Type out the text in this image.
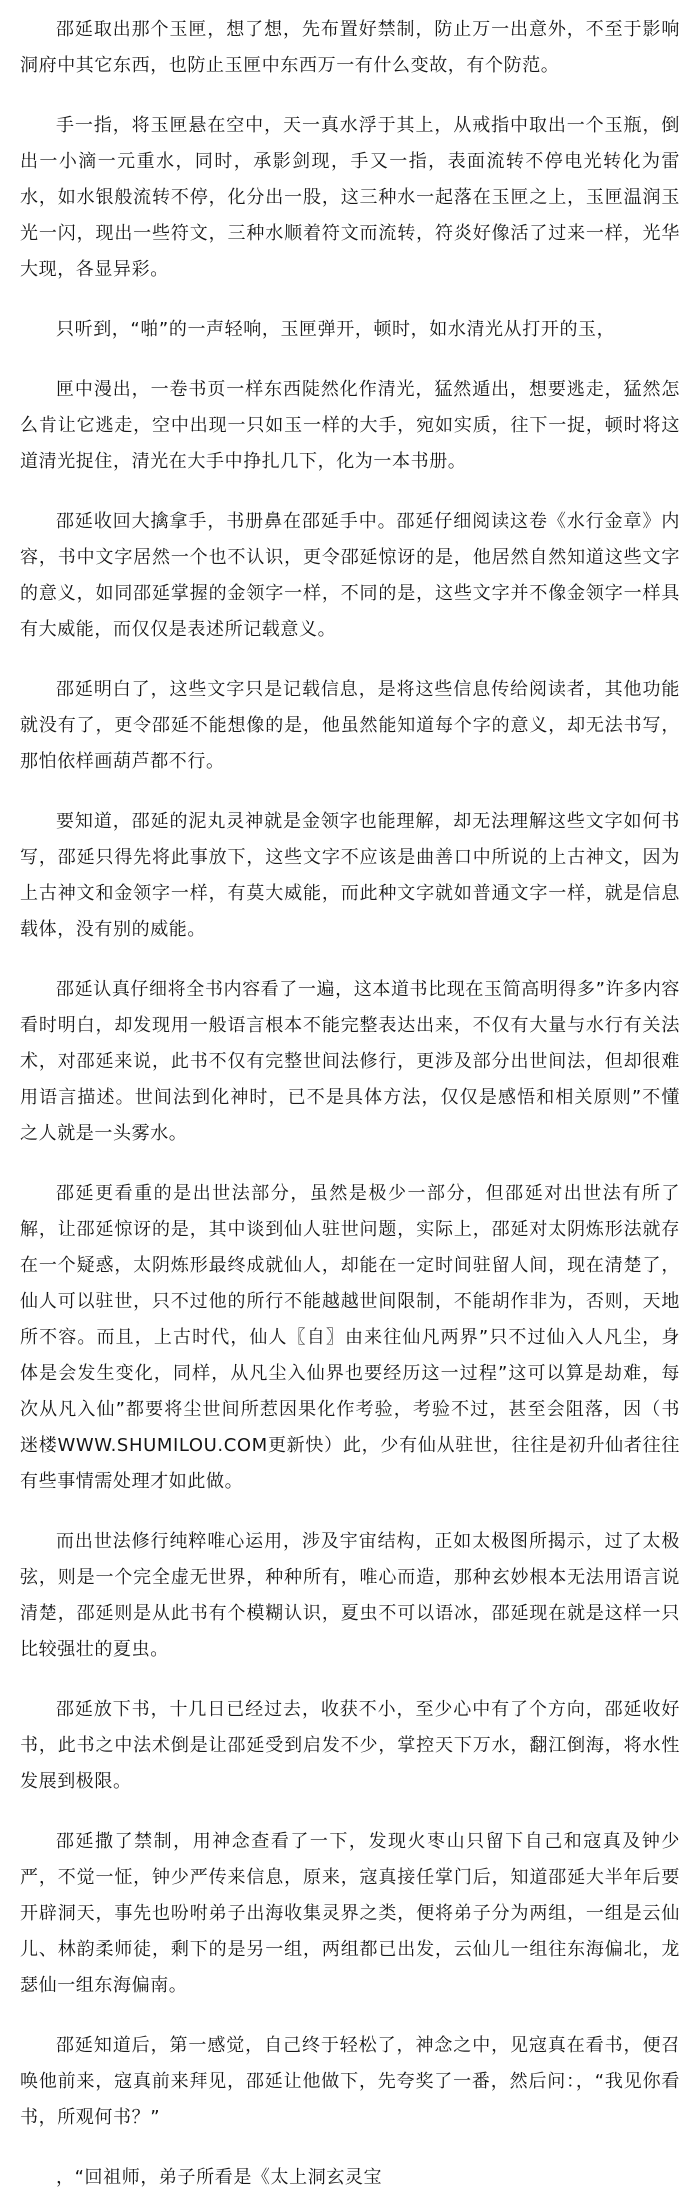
邵延取出那个玉匣，想了想，先布置好禁制，防止万一出意外，不至于影响洞府中其它东西，也防止玉匣中东西万一有什么变故，有个防范。

手一指，将玉匣悬在空中，天一真水浮于其上，从戒指中取出一个玉瓶，倒出一小滴一元重水，同时，承影剑现，手又一指，表面流转不停电光转化为雷水，如水银般流转不停，化分出一股，这三种水一起落在玉匣之上，玉匣温润玉光一闪，现出一些符文，三种水顺着符文而流转，符炎好像活了过来一样，光华大现，各显异彩。

只听到，“啪”的一声轻响，玉匣弹开，顿时，如水清光从打开的玉，

匣中漫出，一卷书页一样东西陡然化作清光，猛然遁出，想要逃走，猛然怎么肯让它逃走，空中出现一只如玉一样的大手，宛如实质，往下一捉，顿时将这道清光捉住，清光在大手中挣扎几下，化为一本书册。

邵延收回大擒拿手，书册鼻在邵延手中。邵延仔细阅读这卷《水行金章》内容，书中文字居然一个也不认识，更令邵延惊讶的是，他居然自然知道这些文字的意义，如同邵延掌握的金领字一样，不同的是，这些文字并不像金领字一样具有大威能，而仅仅是表述所记载意义。

邵延明白了，这些文字只是记载信息，是将这些信息传给阅读者，其他功能就没有了，更令邵延不能想像的是，他虽然能知道每个字的意义，却无法书写，那怕依样画葫芦都不行。

要知道，邵延的泥丸灵神就是金领字也能理解，却无法理解这些文字如何书写，邵延只得先将此事放下，这些文字不应该是曲善口中所说的上古神文，因为上古神文和金领字一样，有莫大威能，而此种文字就如普通文字一样，就是信息载体，没有别的威能。

邵延认真仔细将全书内容看了一遍，这本道书比现在玉简高明得多”许多内容看时明白，却发现用一般语言根本不能完整表达出来，不仅有大量与水行有关法术，对邵延来说，此书不仅有完整世间法修行，更涉及部分出世间法，但却很难用语言描述。世间法到化神时，已不是具体方法，仅仅是感悟和相关原则”不懂之人就是一头雾水。

邵延更看重的是出世法部分，虽然是极少一部分，但邵延对出世法有所了解，让邵延惊讶的是，其中谈到仙人驻世问题，实际上，邵延对太阴炼形法就存在一个疑惑，太阴炼形最终成就仙人，却能在一定时间驻留人间，现在清楚了，仙人可以驻世，只不过他的所行不能越越世间限制，不能胡作非为，否则，天地所不容。而且，上古时代，仙人〖自〗由来往仙凡两界”只不过仙入人凡尘，身体是会发生变化，同样，从凡尘入仙界也要经历这一过程”这可以算是劫难，每次从凡入仙”都要将尘世间所惹因果化作考验，考验不过，甚至会阻落，因（书迷楼WWW.SHUMILOU.COM更新快）此，少有仙从驻世，往往是初升仙者往往有些事情需处理才如此做。

而出世法修行纯粹唯心运用，涉及宇宙结构，正如太极图所揭示，过了太极弦，则是一个完全虚无世界，种种所有，唯心而造，那种玄妙根本无法用语言说清楚，邵延则是从此书有个模糊认识，夏虫不可以语冰，邵延现在就是这样一只比较强壮的夏虫。

邵延放下书，十几日已经过去，收获不小，至少心中有了个方向，邵延收好书，此书之中法术倒是让邵延受到启发不少，掌控天下万水，翻江倒海，将水性发展到极限。

邵延撒了禁制，用神念查看了一下，发现火枣山只留下自己和寇真及钟少严，不觉一怔，钟少严传来信息，原来，寇真接任掌门后，知道邵延大半年后要开辟洞天，事先也吩咐弟子出海收集灵界之类，便将弟子分为两组，一组是云仙儿、林韵柔师徒，剩下的是另一组，两组都已出发，云仙儿一组往东海偏北，龙瑟仙一组东海偏南。

邵延知道后，第一感觉，自己终于轻松了，神念之中，见寇真在看书，便召唤他前来，寇真前来拜见，邵延让他做下，先夸奖了一番，然后问：，“我见你看书，所观何书？”

，“回祖师，弟子所看是《太上洞玄灵宝
